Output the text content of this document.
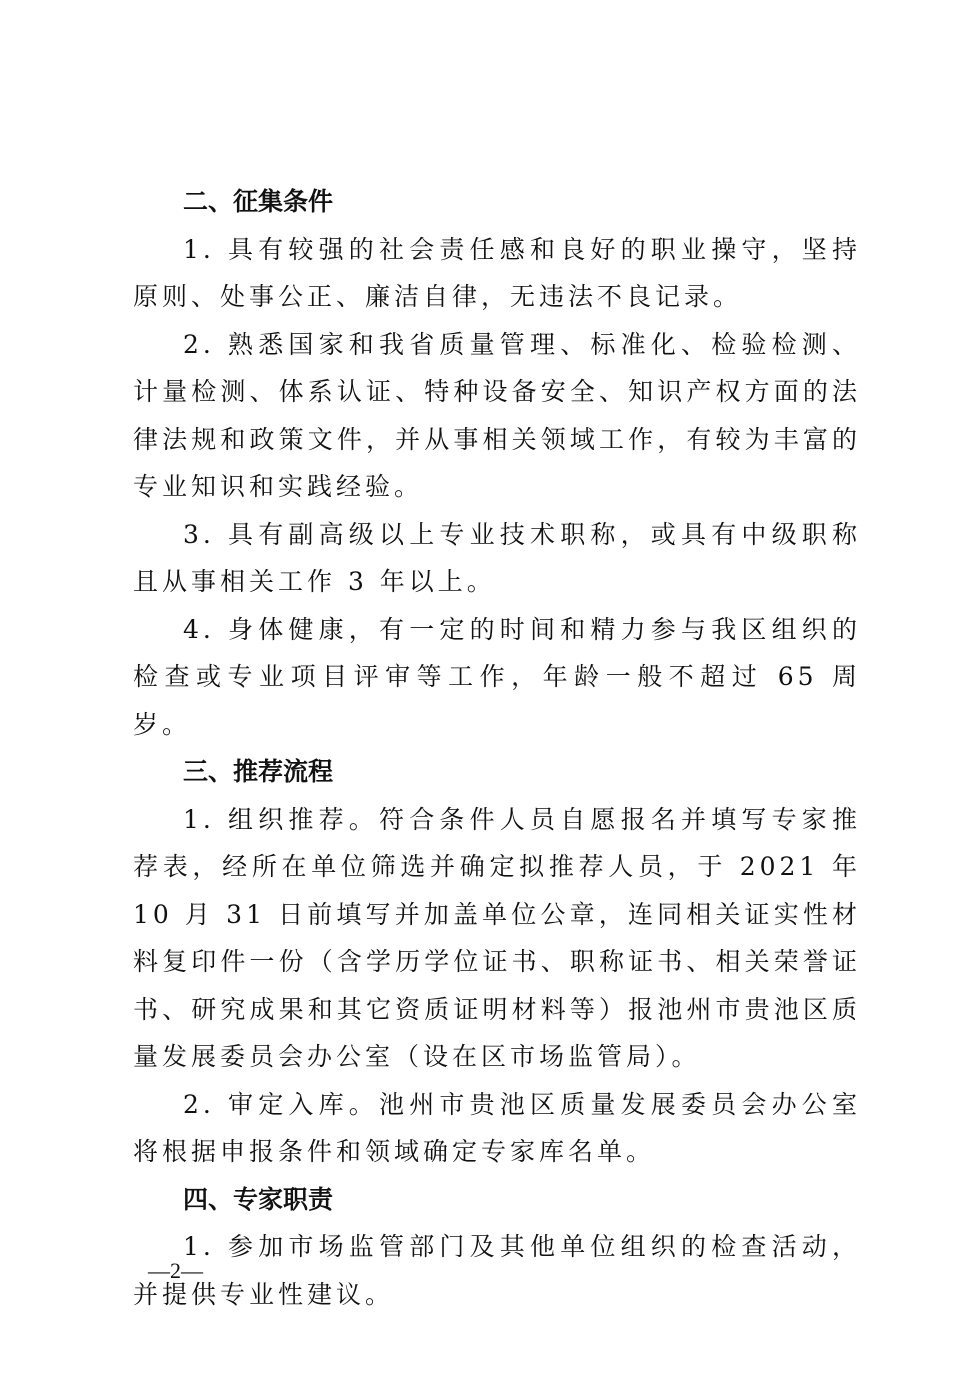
二、征集条件

1. 具有较强的社会责任感和良好的职业操守，坚持原则、处事公正、廉洁自律，无违法不良记录。

2. 熟悉国家和我省质量管理、标准化、检验检测、计量检测、体系认证、特种设备安全、知识产权方面的法律法规和政策文件，并从事相关领域工作，有较为丰富的专业知识和实践经验。

3. 具有副高级以上专业技术职称，或具有中级职称且从事相关工作 3 年以上。

4. 身体健康，有一定的时间和精力参与我区组织的检查或专业项目评审等工作，年龄一般不超过 65 周岁。

三、推荐流程

1. 组织推荐。符合条件人员自愿报名并填写专家推荐表，经所在单位筛选并确定拟推荐人员，于 2021 年 10 月 31 日前填写并加盖单位公章，连同相关证实性材料复印件一份（含学历学位证书、职称证书、相关荣誉证书、研究成果和其它资质证明材料等）报池州市贵池区质量发展委员会办公室（设在区市场监管局）。

2. 审定入库。池州市贵池区质量发展委员会办公室将根据申报条件和领域确定专家库名单。

四、专家职责

1. 参加市场监管部门及其他单位组织的检查活动，并提供专业性建议。

—2—
